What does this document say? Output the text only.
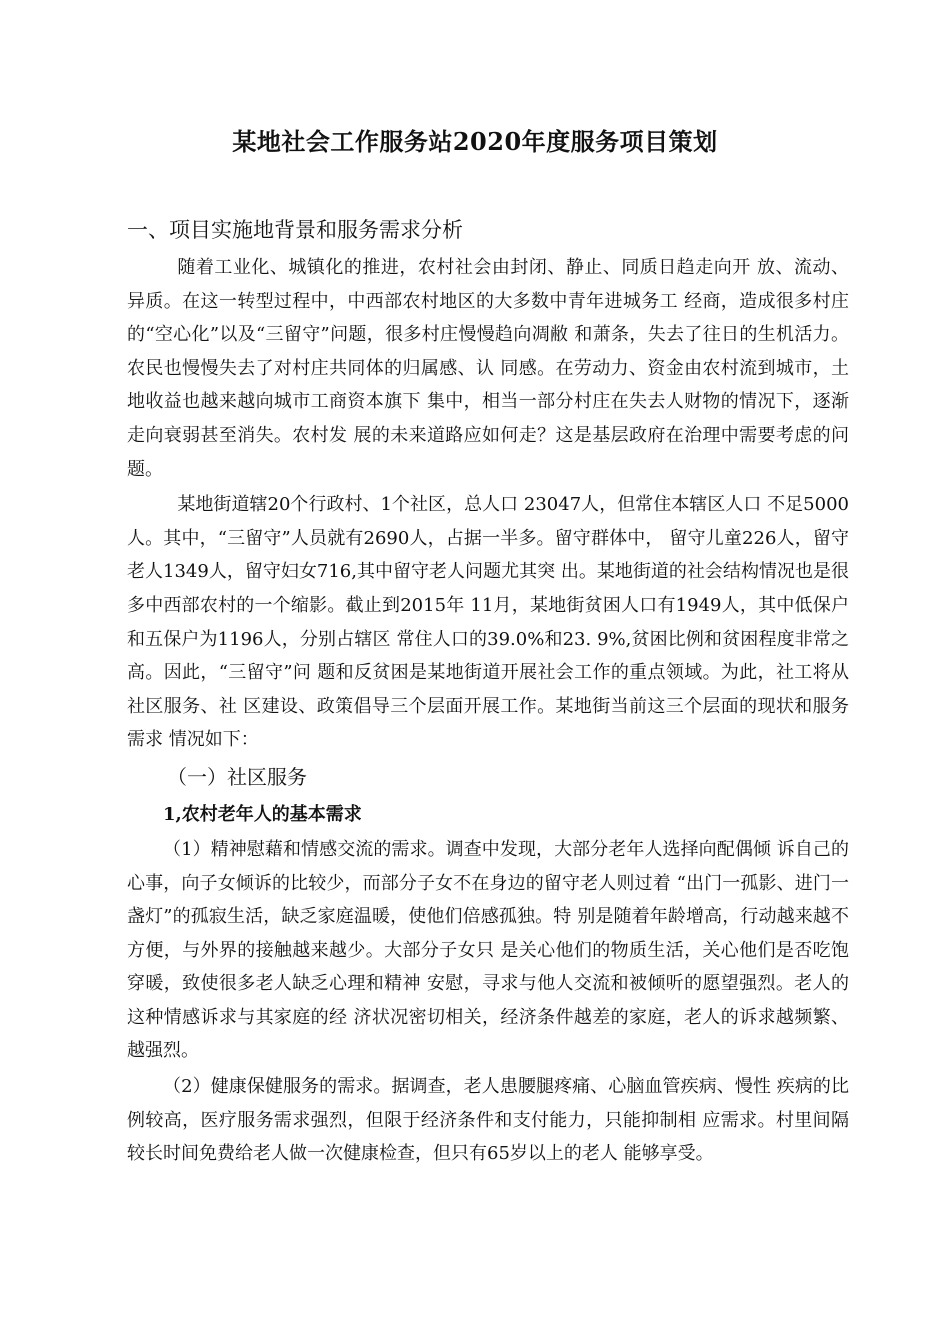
某地社会工作服务站2020年度服务项目策划
一、项目实施地背景和服务需求分析

随着工业化、城镇化的推进，农村社会由封闭、静止、同质日趋走向开 放、流动、异质。在这一转型过程中，中西部农村地区的大多数中青年进城务工 经商，造成很多村庄的“空心化”以及“三留守”问题，很多村庄慢慢趋向凋敝 和萧条，失去了往日的生机活力。农民也慢慢失去了对村庄共同体的归属感、认 同感。在劳动力、资金由农村流到城市，土地收益也越来越向城市工商资本旗下 集中，相当一部分村庄在失去人财物的情况下，逐渐走向衰弱甚至消失。农村发 展的未来道路应如何走？这是基层政府在治理中需要考虑的问题。

某地街道辖20个行政村、1个社区，总人口 23047人，但常住本辖区人口 不足5000人。其中，“三留守”人员就有2690人，占据一半多。留守群体中， 留守儿童226人，留守老人1349人，留守妇女716,其中留守老人问题尤其突 出。某地街道的社会结构情况也是很多中西部农村的一个缩影。截止到2015年 11月，某地街贫困人口有1949人，其中低保户和五保户为1196人，分别占辖区 常住人口的39.0%和23. 9%,贫困比例和贫困程度非常之高。因此，“三留守”问 题和反贫困是某地街道开展社会工作的重点领域。为此，社工将从社区服务、社 区建设、政策倡导三个层面开展工作。某地街当前这三个层面的现状和服务需求 情况如下：

（一）社区服务
1,农村老年人的基本需求

（1）精神慰藉和情感交流的需求。调查中发现，大部分老年人选择向配偶倾 诉自己的心事，向子女倾诉的比较少，而部分子女不在身边的留守老人则过着 “出门一孤影、进门一盏灯”的孤寂生活，缺乏家庭温暖，使他们倍感孤独。特 别是随着年龄增高，行动越来越不方便，与外界的接触越来越少。大部分子女只 是关心他们的物质生活，关心他们是否吃饱穿暖，致使很多老人缺乏心理和精神 安慰，寻求与他人交流和被倾听的愿望强烈。老人的这种情感诉求与其家庭的经 济状况密切相关，经济条件越差的家庭，老人的诉求越频繁、越强烈。

（2）健康保健服务的需求。据调查，老人患腰腿疼痛、心脑血管疾病、慢性 疾病的比例较高，医疗服务需求强烈，但限于经济条件和支付能力，只能抑制相 应需求。村里间隔较长时间免费给老人做一次健康检查，但只有65岁以上的老人 能够享受。
